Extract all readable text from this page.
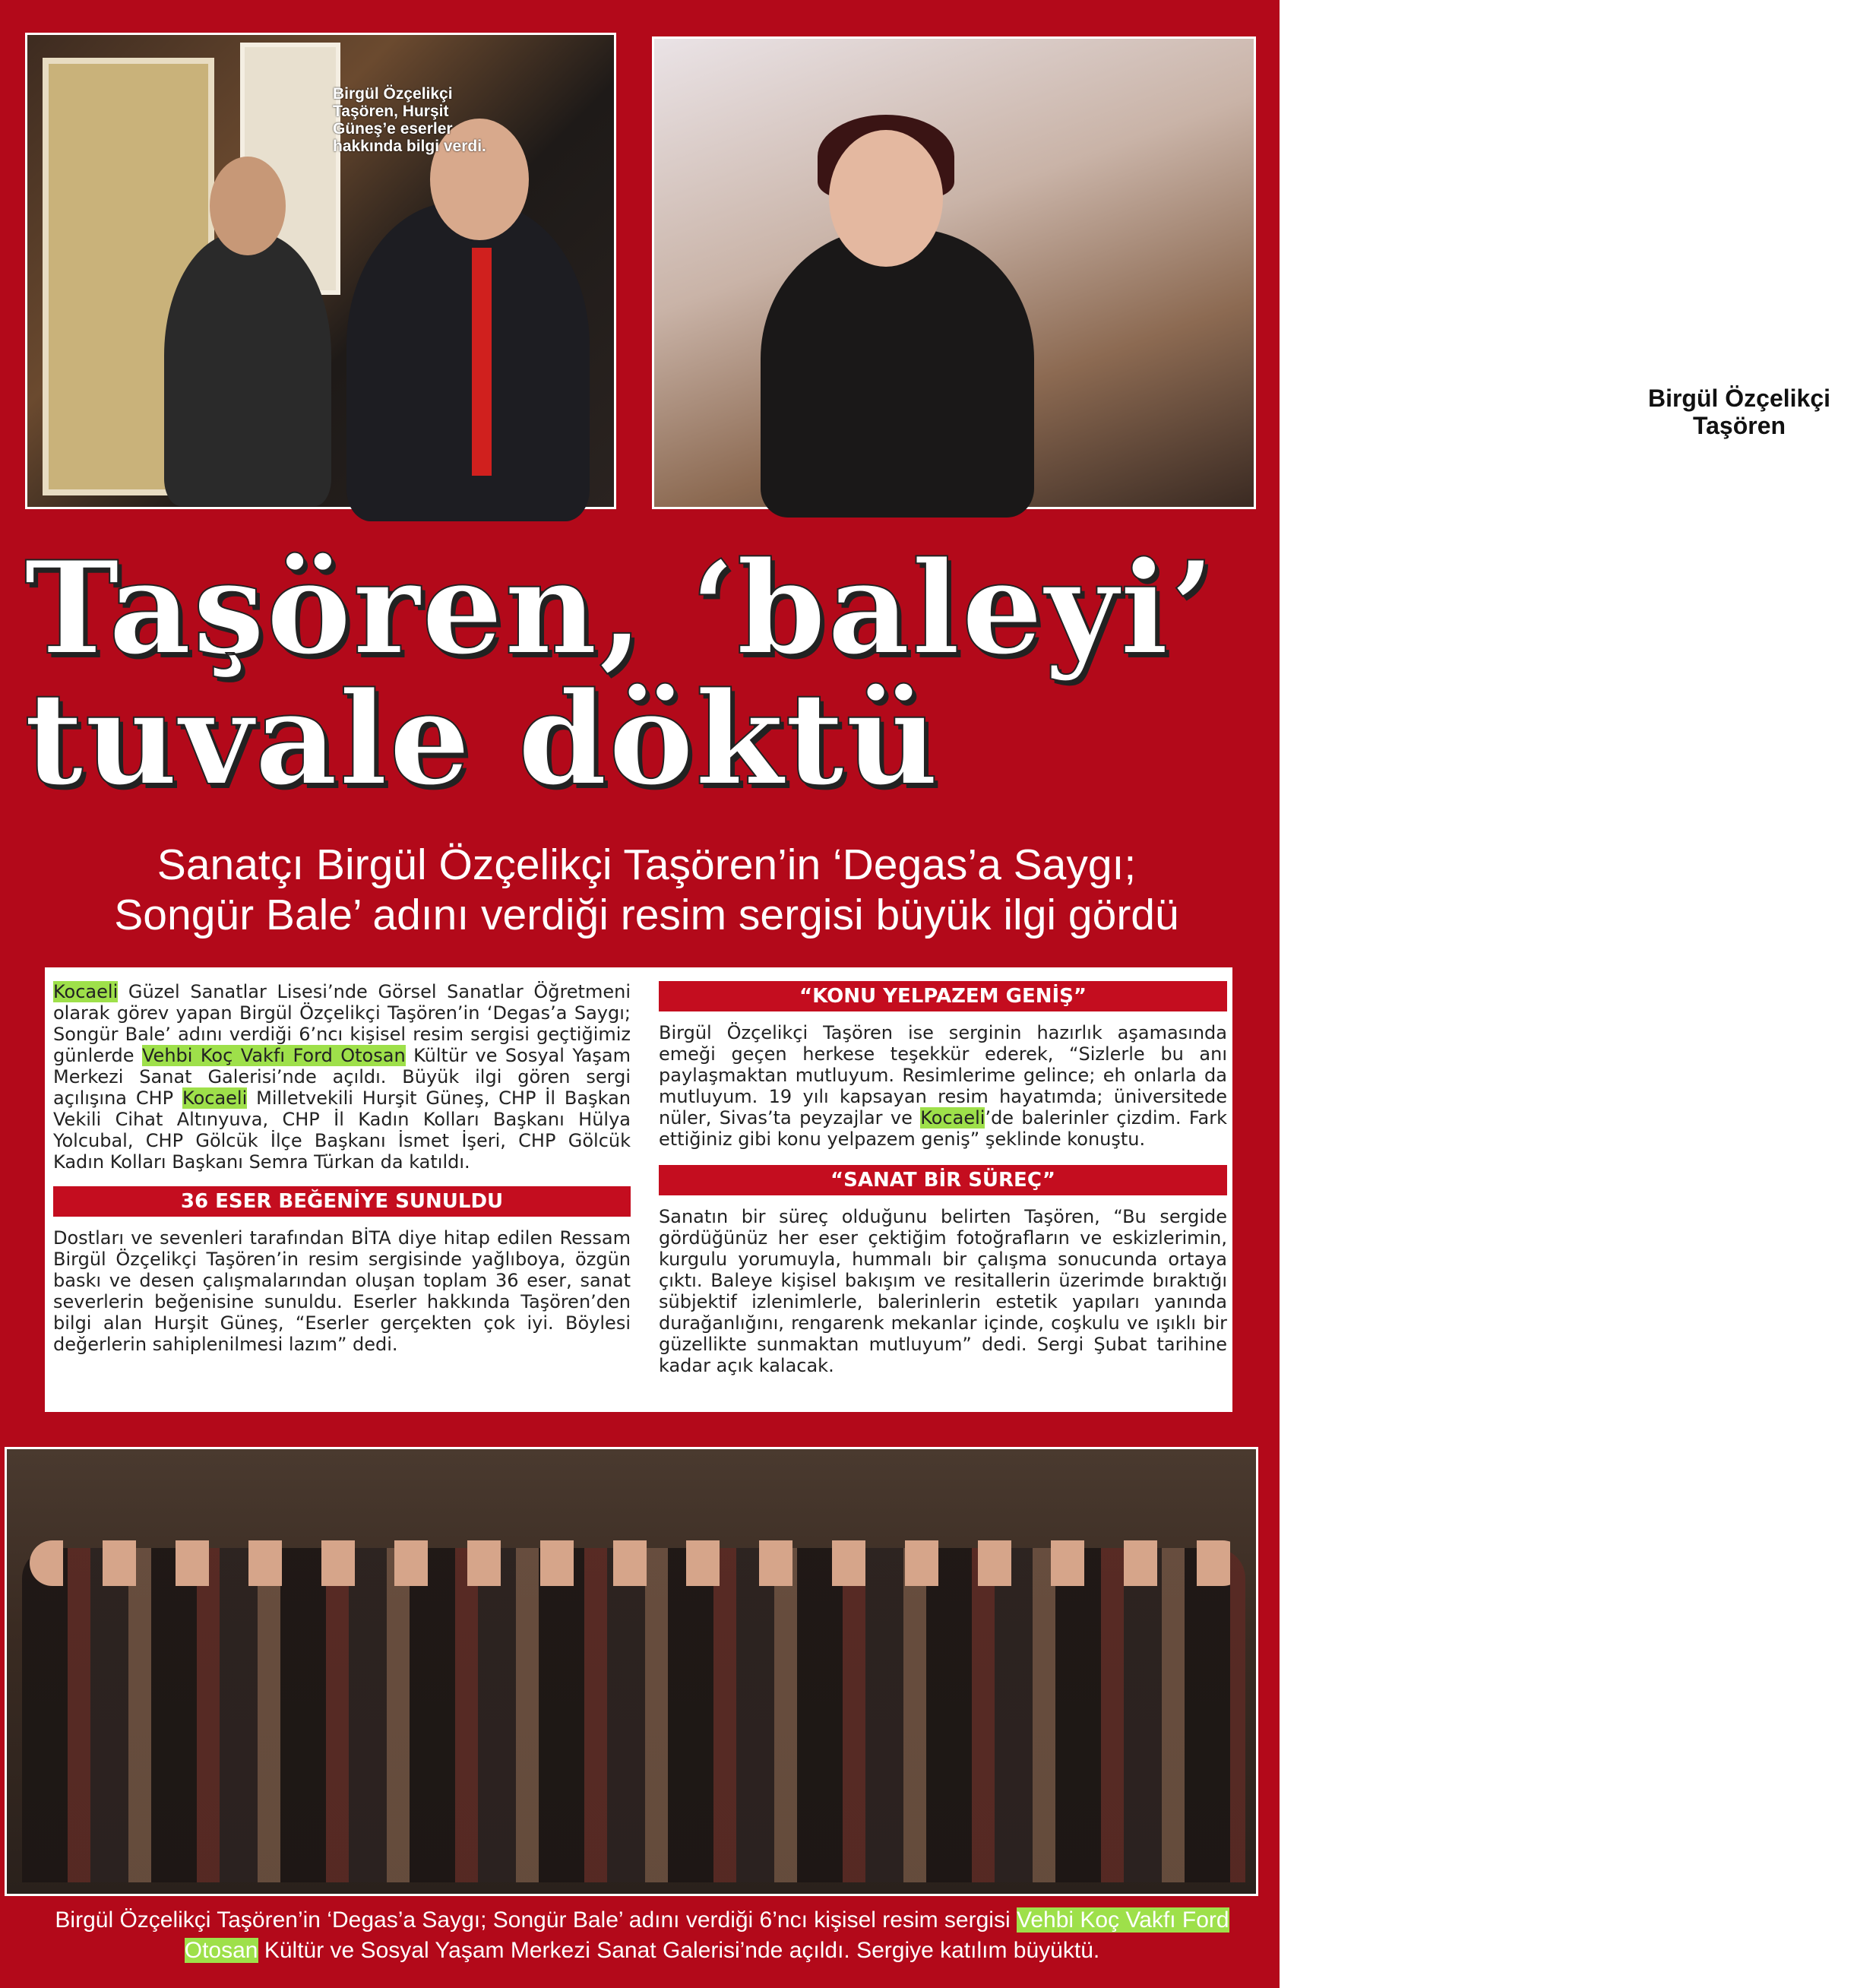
Birgül Özçelikçi Taşören, Hurşit Güneş’e eserler hakkında bilgi verdi.
Birgül Özçelikçi Taşören
Taşören, ‘baleyi’
tuvale döktü
Sanatçı Birgül Özçelikçi Taşören’in ‘Degas’a Saygı;
Songür Bale’ adını verdiği resim sergisi büyük ilgi gördü

Kocaeli Güzel Sanatlar Lisesi’nde Görsel Sanatlar Öğretmeni olarak görev yapan Birgül Özçelikçi Taşören’in ‘Degas’a Saygı; Songür Bale’ adını verdiği 6’ncı kişisel resim sergisi geçtiğimiz günlerde Vehbi Koç Vakfı Ford Otosan Kültür ve Sosyal Yaşam Merkezi Sanat Galerisi’nde açıldı. Büyük ilgi gören sergi açılışına CHP Kocaeli Milletvekili Hurşit Güneş, CHP İl Başkan Vekili Cihat Altınyuva, CHP İl Kadın Kolları Başkanı Hülya Yolcubal, CHP Gölcük İlçe Başkanı İsmet İşeri, CHP Gölcük Kadın Kolları Başkanı Semra Türkan da katıldı.

36 ESER BEĞENİYE SUNULDU

Dostları ve sevenleri tarafından BİTA diye hitap edilen Ressam Birgül Özçelikçi Taşören’in resim sergisinde yağlıboya, özgün baskı ve desen çalışmalarından oluşan toplam 36 eser, sanat severlerin beğenisine sunuldu. Eserler hakkında Taşören’den bilgi alan Hurşit Güneş, “Eserler gerçekten çok iyi. Böylesi değerlerin sahiplenilmesi lazım” dedi.

“KONU YELPAZEM GENİŞ”

Birgül Özçelikçi Taşören ise serginin hazırlık aşamasında emeği geçen herkese teşekkür ederek, “Sizlerle bu anı paylaşmaktan mutluyum. Resimlerime gelince; eh onlarla da mutluyum. 19 yılı kapsayan resim hayatımda; üniversitede nüler, Sivas’ta peyzajlar ve Kocaeli’de balerinler çizdim. Fark ettiğiniz gibi konu yelpazem geniş” şeklinde konuştu.

“SANAT BİR SÜREÇ”

Sanatın bir süreç olduğunu belirten Taşören, “Bu sergide gördüğünüz her eser çektiğim fotoğrafların ve eskizlerimin, kurgulu yorumuyla, hummalı bir çalışma sonucunda ortaya çıktı. Baleye kişisel bakışım ve resitallerin üzerimde bıraktığı sübjektif izlenimlerle, balerinlerin estetik yapıları yanında durağanlığını, rengarenk mekanlar içinde, coşkulu ve ışıklı bir güzellikte sunmaktan mutluyum” dedi. Sergi Şubat tarihine kadar açık kalacak.

Birgül Özçelikçi Taşören’in ‘Degas’a Saygı; Songür Bale’ adını verdiği 6’ncı kişisel resim sergisi Vehbi Koç Vakfı Ford Otosan Kültür ve Sosyal Yaşam Merkezi Sanat Galerisi’nde açıldı. Sergiye katılım büyüktü.
